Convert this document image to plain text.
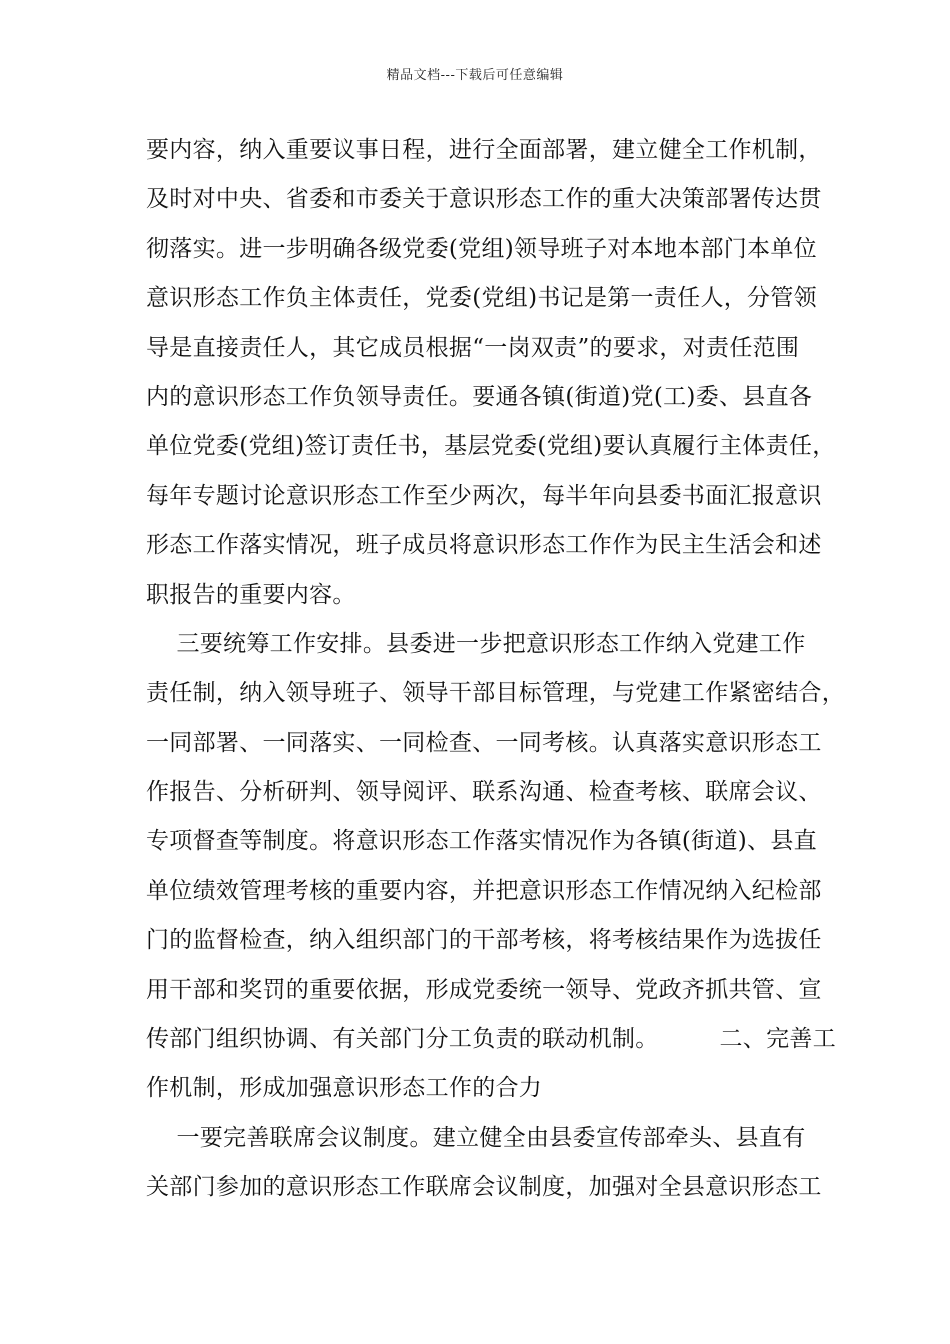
精品文档---下载后可任意编辑
要内容，纳入重要议事日程，进行全面部署，建立健全工作机制，
及时对中央、省委和市委关于意识形态工作的重大决策部署传达贯
彻落实。进一步明确各级党委(党组)领导班子对本地本部门本单位
意识形态工作负主体责任，党委(党组)书记是第一责任人，分管领
导是直接责任人，其它成员根据“一岗双责”的要求，对责任范围
内的意识形态工作负领导责任。要通各镇(街道)党(工)委、县直各
单位党委(党组)签订责任书，基层党委(党组)要认真履行主体责任，
每年专题讨论意识形态工作至少两次，每半年向县委书面汇报意识
形态工作落实情况，班子成员将意识形态工作作为民主生活会和述
职报告的重要内容。
三要统筹工作安排。县委进一步把意识形态工作纳入党建工作
责任制，纳入领导班子、领导干部目标管理，与党建工作紧密结合，
一同部署、一同落实、一同检查、一同考核。认真落实意识形态工
作报告、分析研判、领导阅评、联系沟通、检查考核、联席会议、
专项督查等制度。将意识形态工作落实情况作为各镇(街道)、县直
单位绩效管理考核的重要内容，并把意识形态工作情况纳入纪检部
门的监督检查，纳入组织部门的干部考核，将考核结果作为选拔任
用干部和奖罚的重要依据，形成党委统一领导、党政齐抓共管、宣
传部门组织协调、有关部门分工负责的联动机制。        二、完善工
作机制，形成加强意识形态工作的合力
一要完善联席会议制度。建立健全由县委宣传部牵头、县直有
关部门参加的意识形态工作联席会议制度，加强对全县意识形态工
